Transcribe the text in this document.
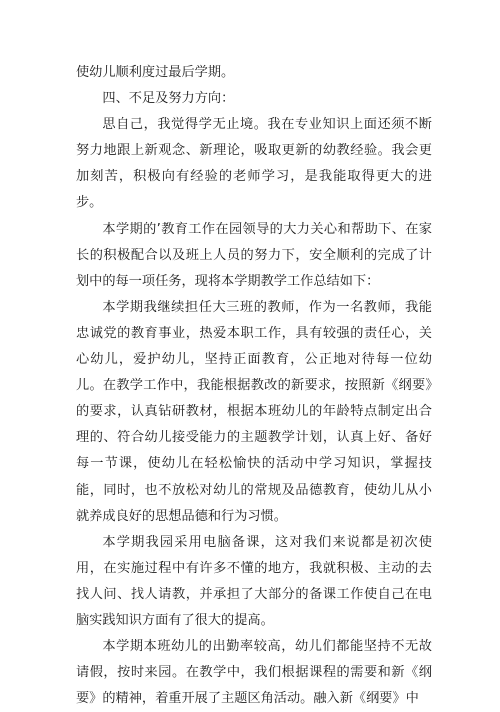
使幼儿顺利度过最后学期。

四、不足及努力方向：

思自己，我觉得学无止境。我在专业知识上面还须不断努力地跟上新观念、新理论，吸取更新的幼教经验。我会更加刻苦，积极向有经验的老师学习，是我能取得更大的进步。

本学期的’教育工作在园领导的大力关心和帮助下、在家长的积极配合以及班上人员的努力下，安全顺利的完成了计划中的每一项任务，现将本学期教学工作总结如下：

本学期我继续担任大三班的教师，作为一名教师，我能忠诚党的教育事业，热爱本职工作，具有较强的责任心，关心幼儿，爱护幼儿，坚持正面教育，公正地对待每一位幼儿。在教学工作中，我能根据教改的新要求，按照新《纲要》的要求，认真钻研教材，根据本班幼儿的年龄特点制定出合理的、符合幼儿接受能力的主题教学计划，认真上好、备好每一节课，使幼儿在轻松愉快的活动中学习知识，掌握技能，同时，也不放松对幼儿的常规及品德教育，使幼儿从小就养成良好的思想品德和行为习惯。

本学期我园采用电脑备课，这对我们来说都是初次使用，在实施过程中有许多不懂的地方，我就积极、主动的去找人问、找人请教，并承担了大部分的备课工作使自己在电脑实践知识方面有了很大的提高。

本学期本班幼儿的出勤率较高，幼儿们都能坚持不无故请假，按时来园。在教学中，我们根据课程的需要和新《纲要》的精神，着重开展了主题区角活动。融入新《纲要》中
